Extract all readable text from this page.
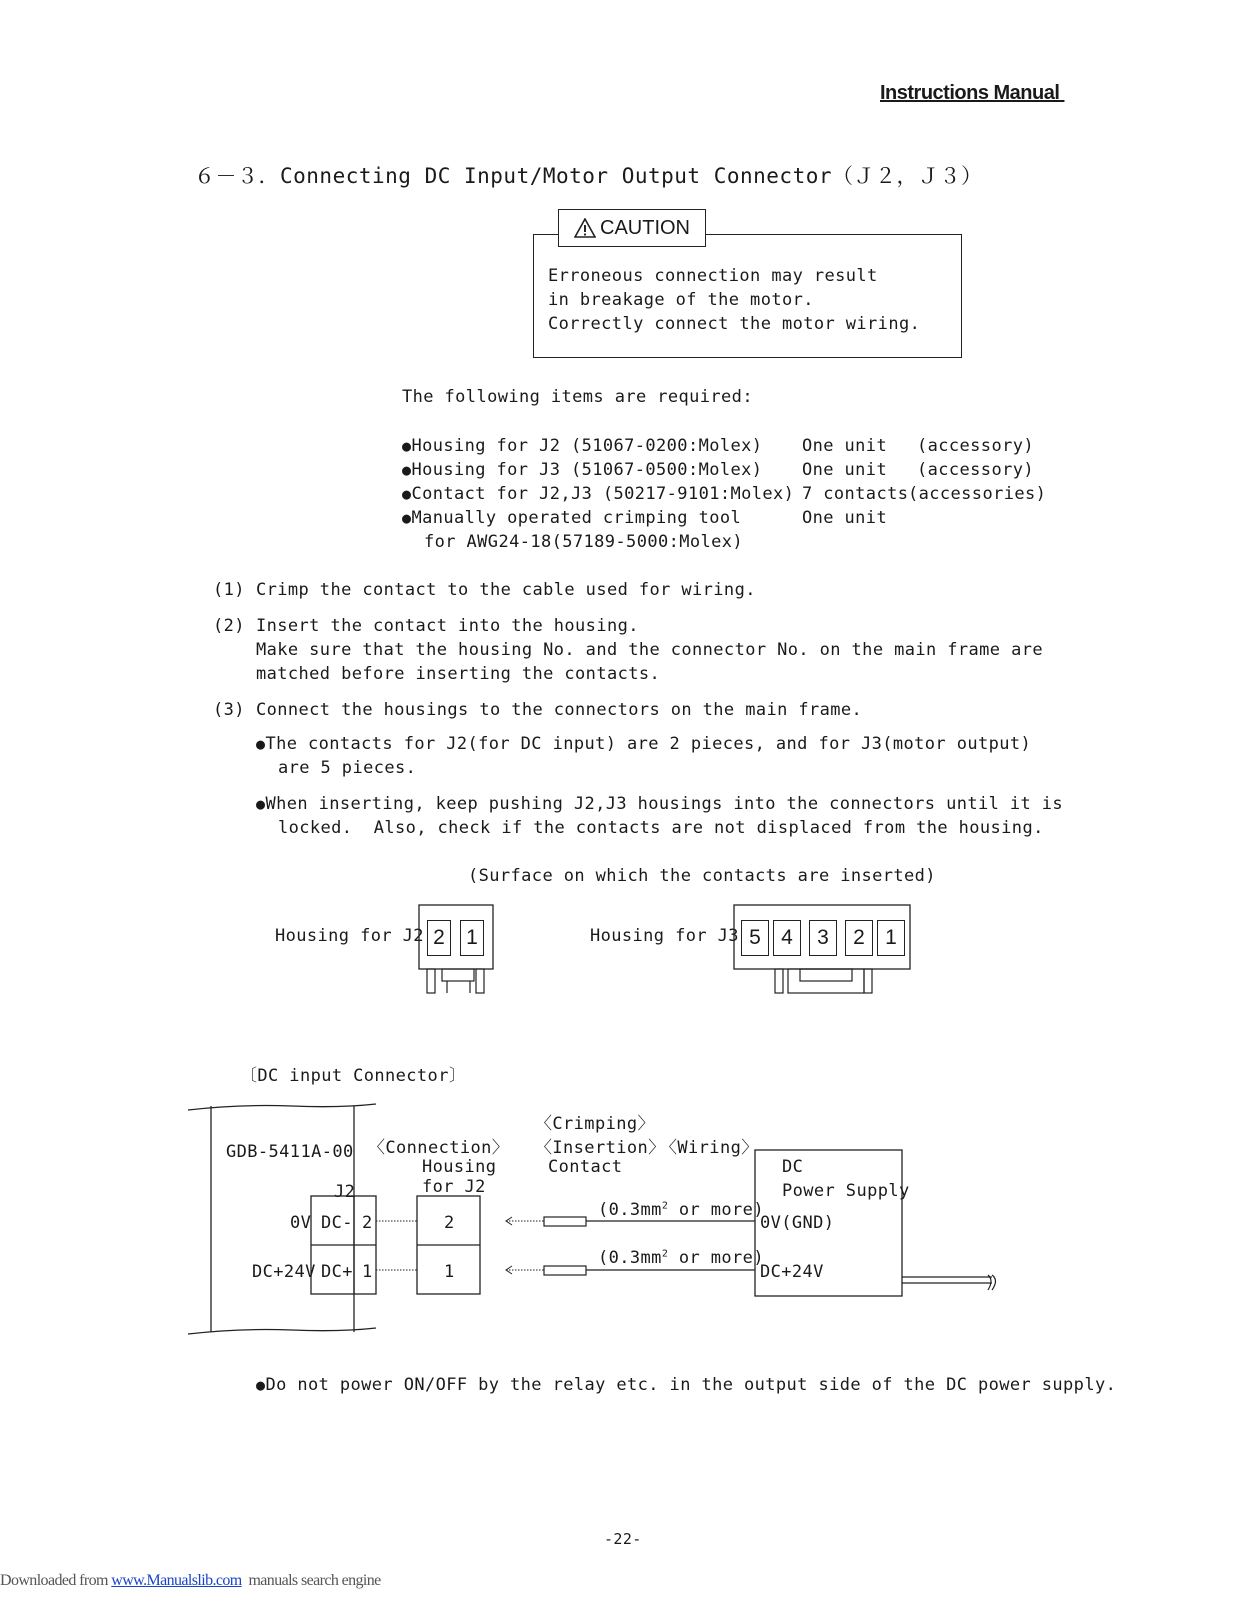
Instructions Manual
６－３．Connecting DC Input/Motor Output Connector（Ｊ２，Ｊ３）
CAUTION
Erroneous connection may result
in breakage of the motor.
Correctly connect the motor wiring.
The following items are required:
●Housing for J2 (51067-0200:Molex) One unit (accessory)
●Housing for J3 (51067-0500:Molex) One unit (accessory)
●Contact for J2,J3 (50217-9101:Molex) 7 contacts (accessories)
●Manually operated crimping tool	One unit
for AWG24-18(57189-5000:Molex)
(1) Crimp the contact to the cable used for wiring.
(2) Insert the contact into the housing.
Make sure that the housing No. and the connector No. on the main frame are
matched before inserting the contacts.
(3) Connect the housings to the connectors on the main frame.
●The contacts for J2(for DC input) are 2 pieces, and for J3(motor output)
are 5 pieces.
●When inserting, keep pushing J2,J3 housings into the connectors until it is
locked.  Also, check if the contacts are not displaced from the housing.
(Surface on which the contacts are inserted)
Housing for J2	Housing for J3
2 1	5 4	3	2 1
〔DC input Connector〕
GDB-5411A-00
J2
0V DC- 2	2
DC+24V DC+ 1	1
〈Connection〉
〈Crimping〉
〈Insertion〉
〈Wiring〉
Housing
for J2
Contact
($0.3mm^2$ or more)
($0.3mm^2$ or more)
DC
Power Supply
0V(GND)
DC+24V
●Do not power ON/OFF by the relay etc. in the output side of the DC power supply.
-22-
Downloaded from www.Manualslib.com  manuals search engine
